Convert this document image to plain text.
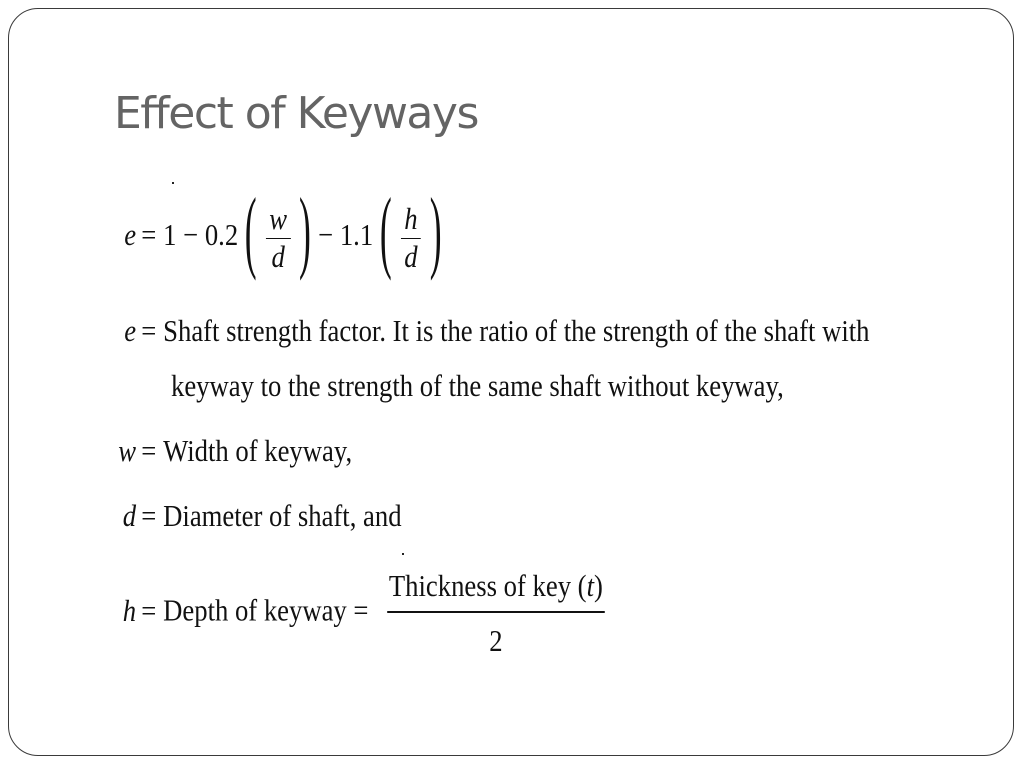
Effect of Keyways
e = 1 − 0.2 ( $\frac{w}{d}$ ) − 1.1 ( $\frac{h}{d}$ )
e = Shaft strength factor. It is the ratio of the strength of the shaft with
keyway to the strength of the same shaft without keyway,
w = Width of keyway,
d = Diameter of shaft, and
h = Depth of keyway = $\frac{\text{Thickness of key (t)}}{2}$
